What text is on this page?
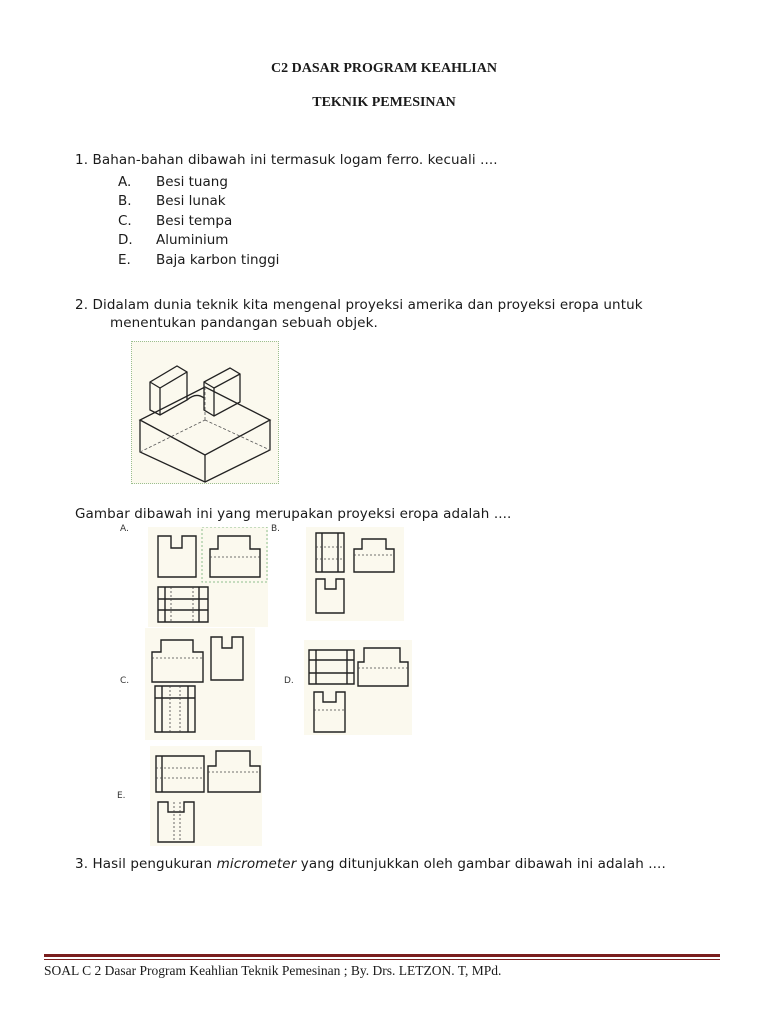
C2 DASAR PROGRAM KEAHLIAN
TEKNIK PEMESINAN
1. Bahan-bahan dibawah ini termasuk logam ferro. kecuali ....
A. Besi tuang
B. Besi lunak
C. Besi tempa
D. Aluminium
E. Baja karbon tinggi
2. Didalam dunia teknik kita mengenal proyeksi amerika dan proyeksi eropa untuk
menentukan pandangan sebuah objek.
Gambar dibawah ini yang merupakan proyeksi eropa adalah ....
A.	B.
C.	D.
E.
3. Hasil pengukuran micrometer yang ditunjukkan oleh gambar dibawah ini adalah ....
SOAL C 2 Dasar Program Keahlian Teknik Pemesinan ; By. Drs. LETZON. T, MPd.
